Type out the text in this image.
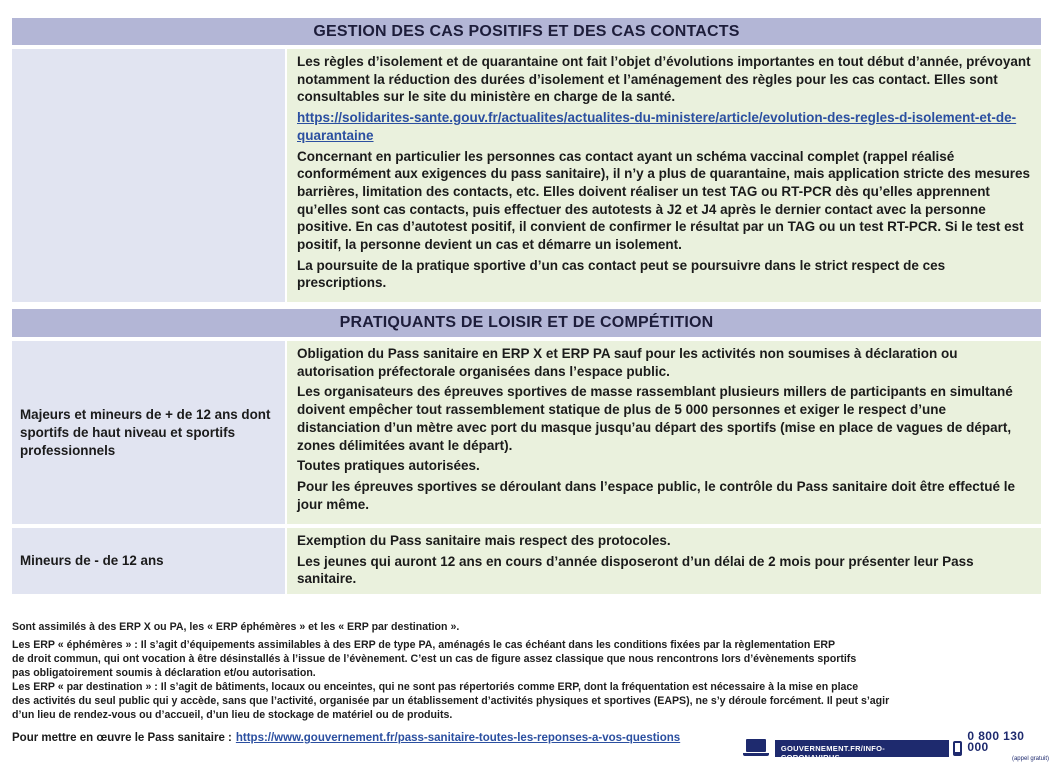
GESTION DES CAS POSITIFS ET DES CAS CONTACTS

Les règles d’isolement et de quarantaine ont fait l’objet d’évolutions importantes en tout début d’année, prévoyant notamment la réduction des durées d’isolement et l’aménagement des règles pour les cas contact. Elles sont consultables sur le site du ministère en charge de la santé.

https://solidarites-sante.gouv.fr/actualites/actualites-du-ministere/article/evolution-des-regles-d-isolement-et-de-quarantaine

Concernant en particulier les personnes cas contact ayant un schéma vaccinal complet (rappel réalisé conformément aux exigences du pass sanitaire), il n’y a plus de quarantaine, mais application stricte des mesures barrières, limitation des contacts, etc. Elles doivent réaliser un test TAG ou RT-PCR dès qu’elles apprennent qu’elles sont cas contacts, puis effectuer des autotests à J2 et J4 après le dernier contact avec la personne positive. En cas d’autotest positif, il convient de confirmer le résultat par un TAG ou un test RT-PCR. Si le test est positif, la personne devient un cas et démarre un isolement.

La poursuite de la pratique sportive d’un cas contact peut se poursuivre dans le strict respect de ces prescriptions.

PRATIQUANTS DE LOISIR ET DE COMPÉTITION
Majeurs et mineurs de + de 12 ans dont sportifs de haut niveau et sportifs professionnels

Obligation du Pass sanitaire en ERP X et ERP PA sauf pour les activités non soumises à déclaration ou autorisation préfectorale organisées dans l’espace public.

Les organisateurs des épreuves sportives de masse rassemblant plusieurs millers de participants en simultané doivent empêcher tout rassemblement statique de plus de 5 000 personnes et exiger le respect d’une distanciation d’un mètre avec port du masque jusqu’au départ des sportifs (mise en place de vagues de départ, zones délimitées avant le départ).

Toutes pratiques autorisées.

Pour les épreuves sportives se déroulant dans l’espace public, le contrôle du Pass sanitaire doit être effectué le jour même.

Mineurs de - de 12 ans

Exemption du Pass sanitaire mais respect des protocoles.

Les jeunes qui auront 12 ans en cours d’année disposeront d’un délai de 2 mois pour présenter leur Pass sanitaire.

Sont assimilés à des ERP X ou PA, les « ERP éphémères » et les « ERP par destination ».

Les ERP « éphémères » : Il s’agit d’équipements assimilables à des ERP de type PA, aménagés le cas échéant dans les conditions fixées par la règlementation ERP

de droit commun, qui ont vocation à être désinstallés à l’issue de l’évènement. C’est un cas de figure assez classique que nous rencontrons lors d’évènements sportifs

pas obligatoirement soumis à déclaration et/ou autorisation.

Les ERP « par destination » : Il s’agit de bâtiments, locaux ou enceintes, qui ne sont pas répertoriés comme ERP, dont la fréquentation est nécessaire à la mise en place

des activités du seul public qui y accède, sans que l’activité, organisée par un établissement d’activités physiques et sportives (EAPS), ne s’y déroule forcément. Il peut s’agir

d’un lieu de rendez-vous ou d’accueil, d’un lieu de stockage de matériel ou de produits.

Pour mettre en œuvre le Pass sanitaire : https://www.gouvernement.fr/pass-sanitaire-toutes-les-reponses-a-vos-questions
GOUVERNEMENT.FR/INFO-CORONAVIRUS
0 800 130 000
(appel gratuit)
